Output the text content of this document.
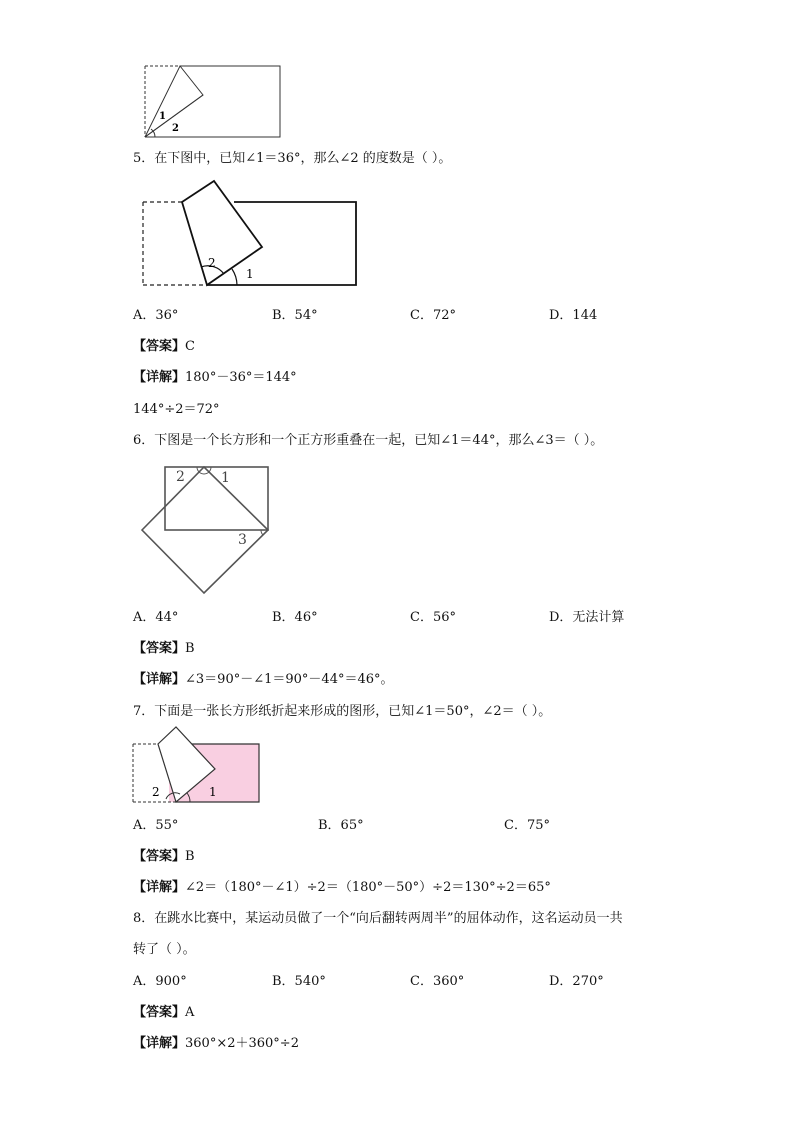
1
2
5．在下图中，已知∠1＝36°，那么∠2 的度数是（ ）。
2
1
A．36°	B．54°	C．72°	D．144
【答案】C
【详解】180°－36°＝144°
144°÷2＝72°
6．下图是一个长方形和一个正方形重叠在一起，已知∠1＝44°，那么∠3＝（ ）。
2	1
3
A．44°	B．46°	C．56°	D．无法计算
【答案】B
【详解】∠3＝90°－∠1＝90°－44°＝46°。
7．下面是一张长方形纸折起来形成的图形，已知∠1＝50°，∠2＝（ ）。
2	1
A．55°	B．65°	C．75°
【答案】B
【详解】∠2＝（180°－∠1）÷2＝（180°－50°）÷2＝130°÷2＝65°
8．在跳水比赛中，某运动员做了一个“向后翻转两周半”的屈体动作，这名运动员一共
转了（ ）。
A．900°	B．540°	C．360°	D．270°
【答案】A
【详解】360°×2＋360°÷2
